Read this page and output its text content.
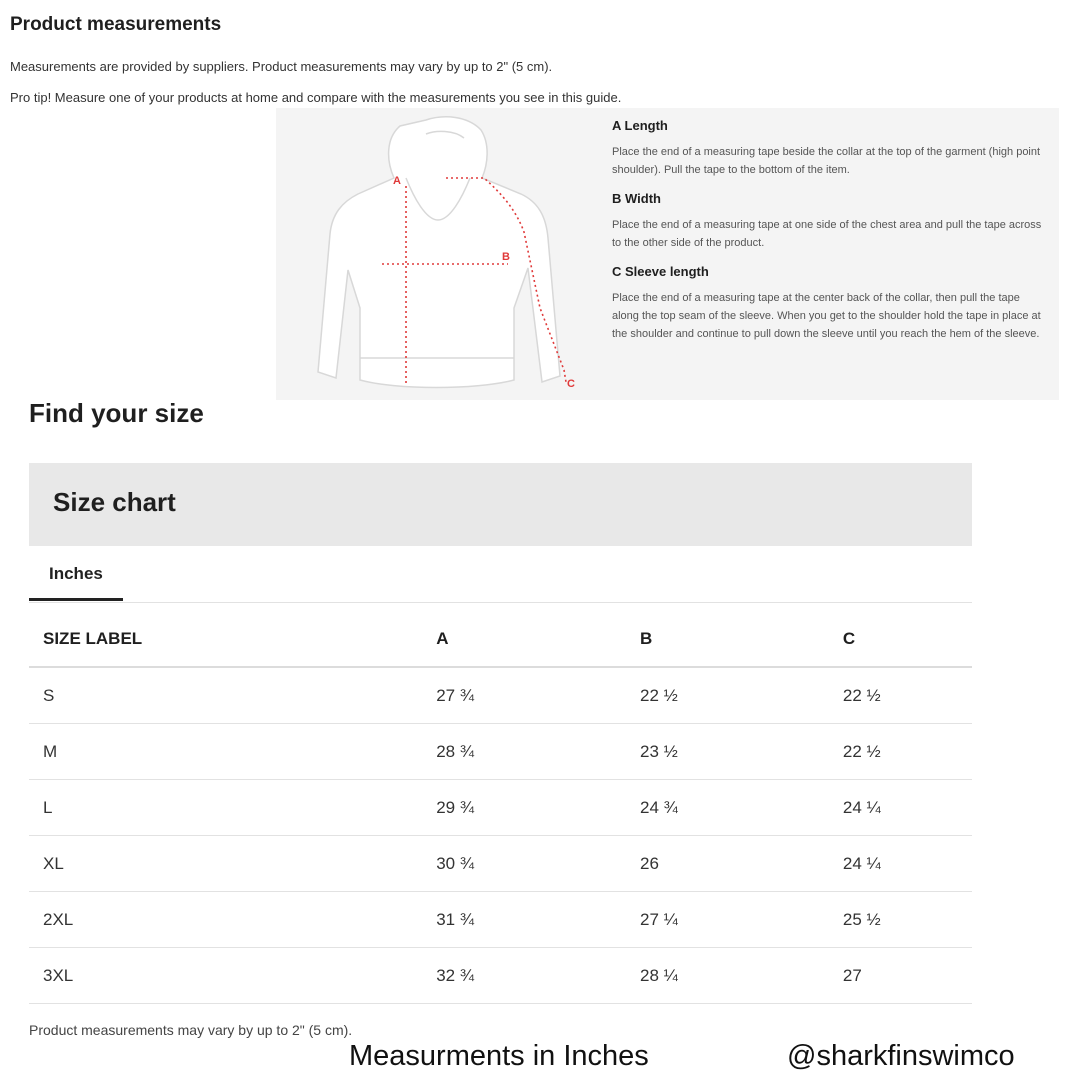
Product measurements
Measurements are provided by suppliers. Product measurements may vary by up to 2" (5 cm).
Pro tip! Measure one of your products at home and compare with the measurements you see in this guide.
A
B
C
A Length
Place the end of a measuring tape beside the collar at the top of the garment (high point shoulder). Pull the tape to the bottom of the item.
B Width
Place the end of a measuring tape at one side of the chest area and pull the tape across to the other side of the product.
C Sleeve length
Place the end of a measuring tape at the center back of the collar, then pull the tape along the top seam of the sleeve. When you get to the shoulder hold the tape in place at the shoulder and continue to pull down the sleeve until you reach the hem of the sleeve.
Find your size
Size chart
Inches
SIZE LABEL	A	B	C
S	27 ¾	22 ½	22 ½
M	28 ¾	23 ½	22 ½
L	29 ¾	24 ¾	24 ¼
XL	30 ¾	26	24 ¼
2XL	31 ¾	27 ¼	25 ½
3XL	32 ¾	28 ¼	27
Product measurements may vary by up to 2" (5 cm).
Measurments in Inches	@sharkfinswimco
